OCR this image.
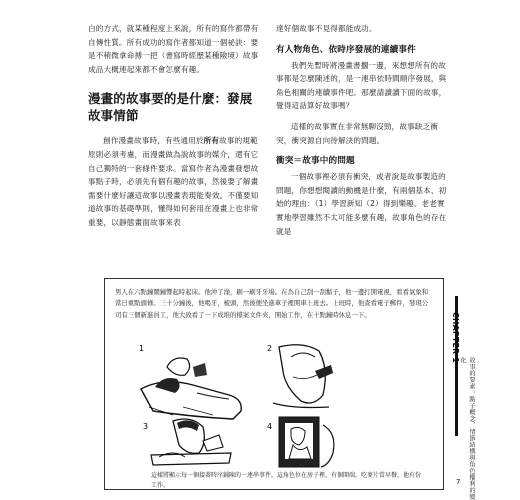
白的方式，就某種程度上來說，所有的寫作都帶有自傳性質。所有成功的寫作者都知道一個祕訣：要是不稍微拿命搏一把（書寫時經歷某種險境）故事成品大概連起來都不會怎麼有趣。

漫畫的故事要的是什麼：發展故事情節

創作漫畫故事時，有些通用於所有故事的規範原則必須考慮，而漫畫做為說故事的媒介，還有它自己獨特的一套條件要求。當寫作者為漫畫發想故事點子時，必須先有個有趣的故事，然後要了解畫需要什麼好讓這故事以漫畫表現能奏效。不僅要知道故事的基礎準則，懂得如何套用在漫畫上也非常重要，以靜態畫面故事來表

達好個故事不見得都能成功。

有人物角色、依時序發展的連續事件

我們先暫時將漫畫書擱一邊，來想想所有的故事都是怎麼陳述的，是一連串依時間順序發展，與角色相關的連續事件吧。那麼請讀讀下面的故事，覺得這話算好故事嗎？

這樣的故事實在非常無聊沒勁，故事缺乏衝突，衝突源自向待解決的問題。

衝突＝故事中的問題

一個故事裡必須有衝突，或者說是故事製造的問題，你想想閱讀的動機是什麼，有兩個基本、初始的理由：（1）學習新知（2）得到樂趣。老老實實地學習雖然不太可能多麼有趣，故事角色的存在就是

男人在六點鐘鬧鐘響起時起床。他沖了澡，刷一刷牙牙場。在為自己刮一刮鬍子，他一邊打開電視，看看氣象和當日重點頭條。三十分鐘後，他喝牙，梳頭，然後便坐進車子裡開車上班去。上班時，他查看電子郵件，發現公司有三個新進員工，他大致看了一下成堆的檔案文件夾，開始工作，在十點鐘時休息一下。
1	2
3	4
這樣將顯示每一個接著時序鋪陳的一連串事件，這角色位在房子裡，有個開端，吃麥片當早餐，他有份工作。
CHAPTER 1
故事的要素：點子概念、情節結構與角色權利的變化
7
